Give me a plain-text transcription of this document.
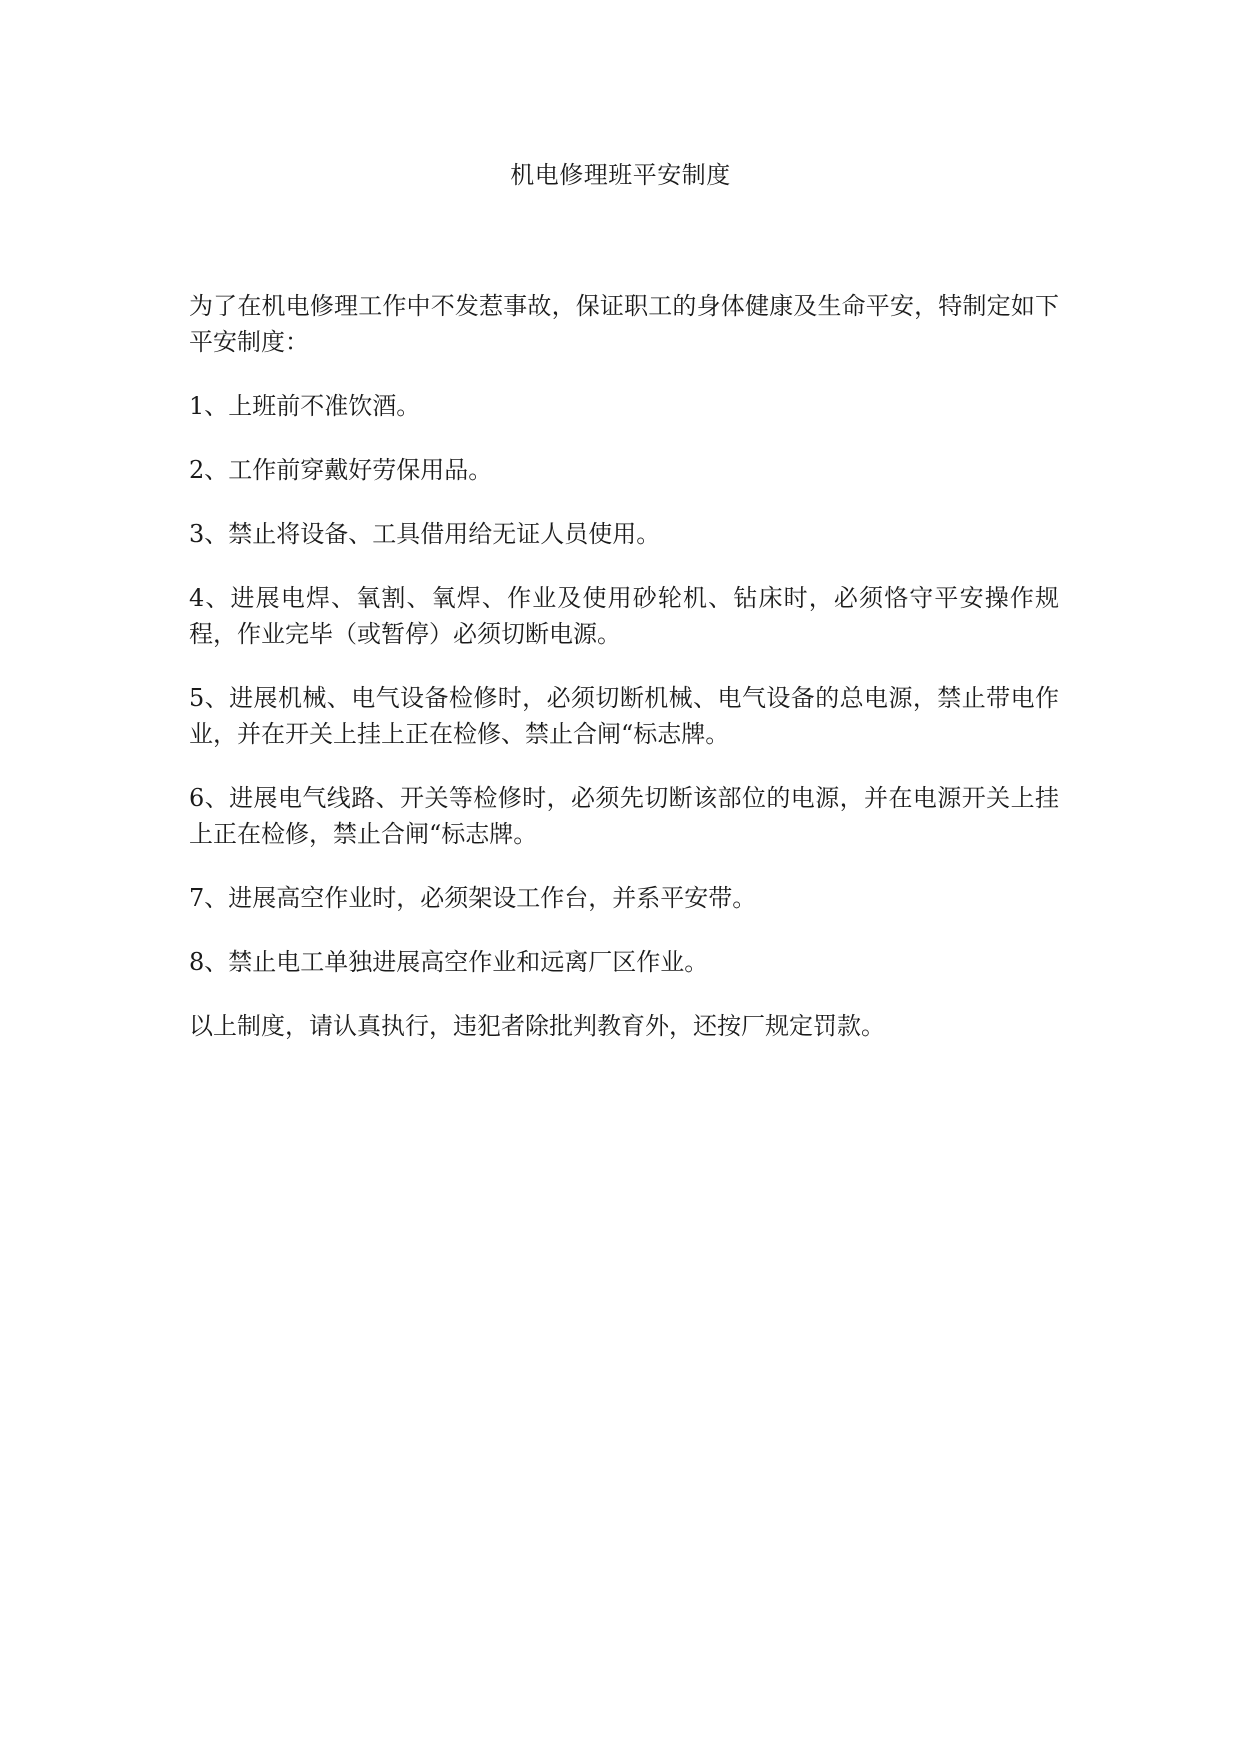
机电修理班平安制度

为了在机电修理工作中不发惹事故，保证职工的身体健康及生命平安，特制定如下平安制度：

1、上班前不准饮酒。

2、工作前穿戴好劳保用品。

3、禁止将设备、工具借用给无证人员使用。

4、进展电焊、氧割、氧焊、作业及使用砂轮机、钻床时，必须恪守平安操作规程，作业完毕（或暂停）必须切断电源。

5、进展机械、电气设备检修时，必须切断机械、电气设备的总电源，禁止带电作业，并在开关上挂上正在检修、禁止合闸“标志牌。

6、进展电气线路、开关等检修时，必须先切断该部位的电源，并在电源开关上挂上正在检修，禁止合闸“标志牌。

7、进展高空作业时，必须架设工作台，并系平安带。

8、禁止电工单独进展高空作业和远离厂区作业。

以上制度，请认真执行，违犯者除批判教育外，还按厂规定罚款。
